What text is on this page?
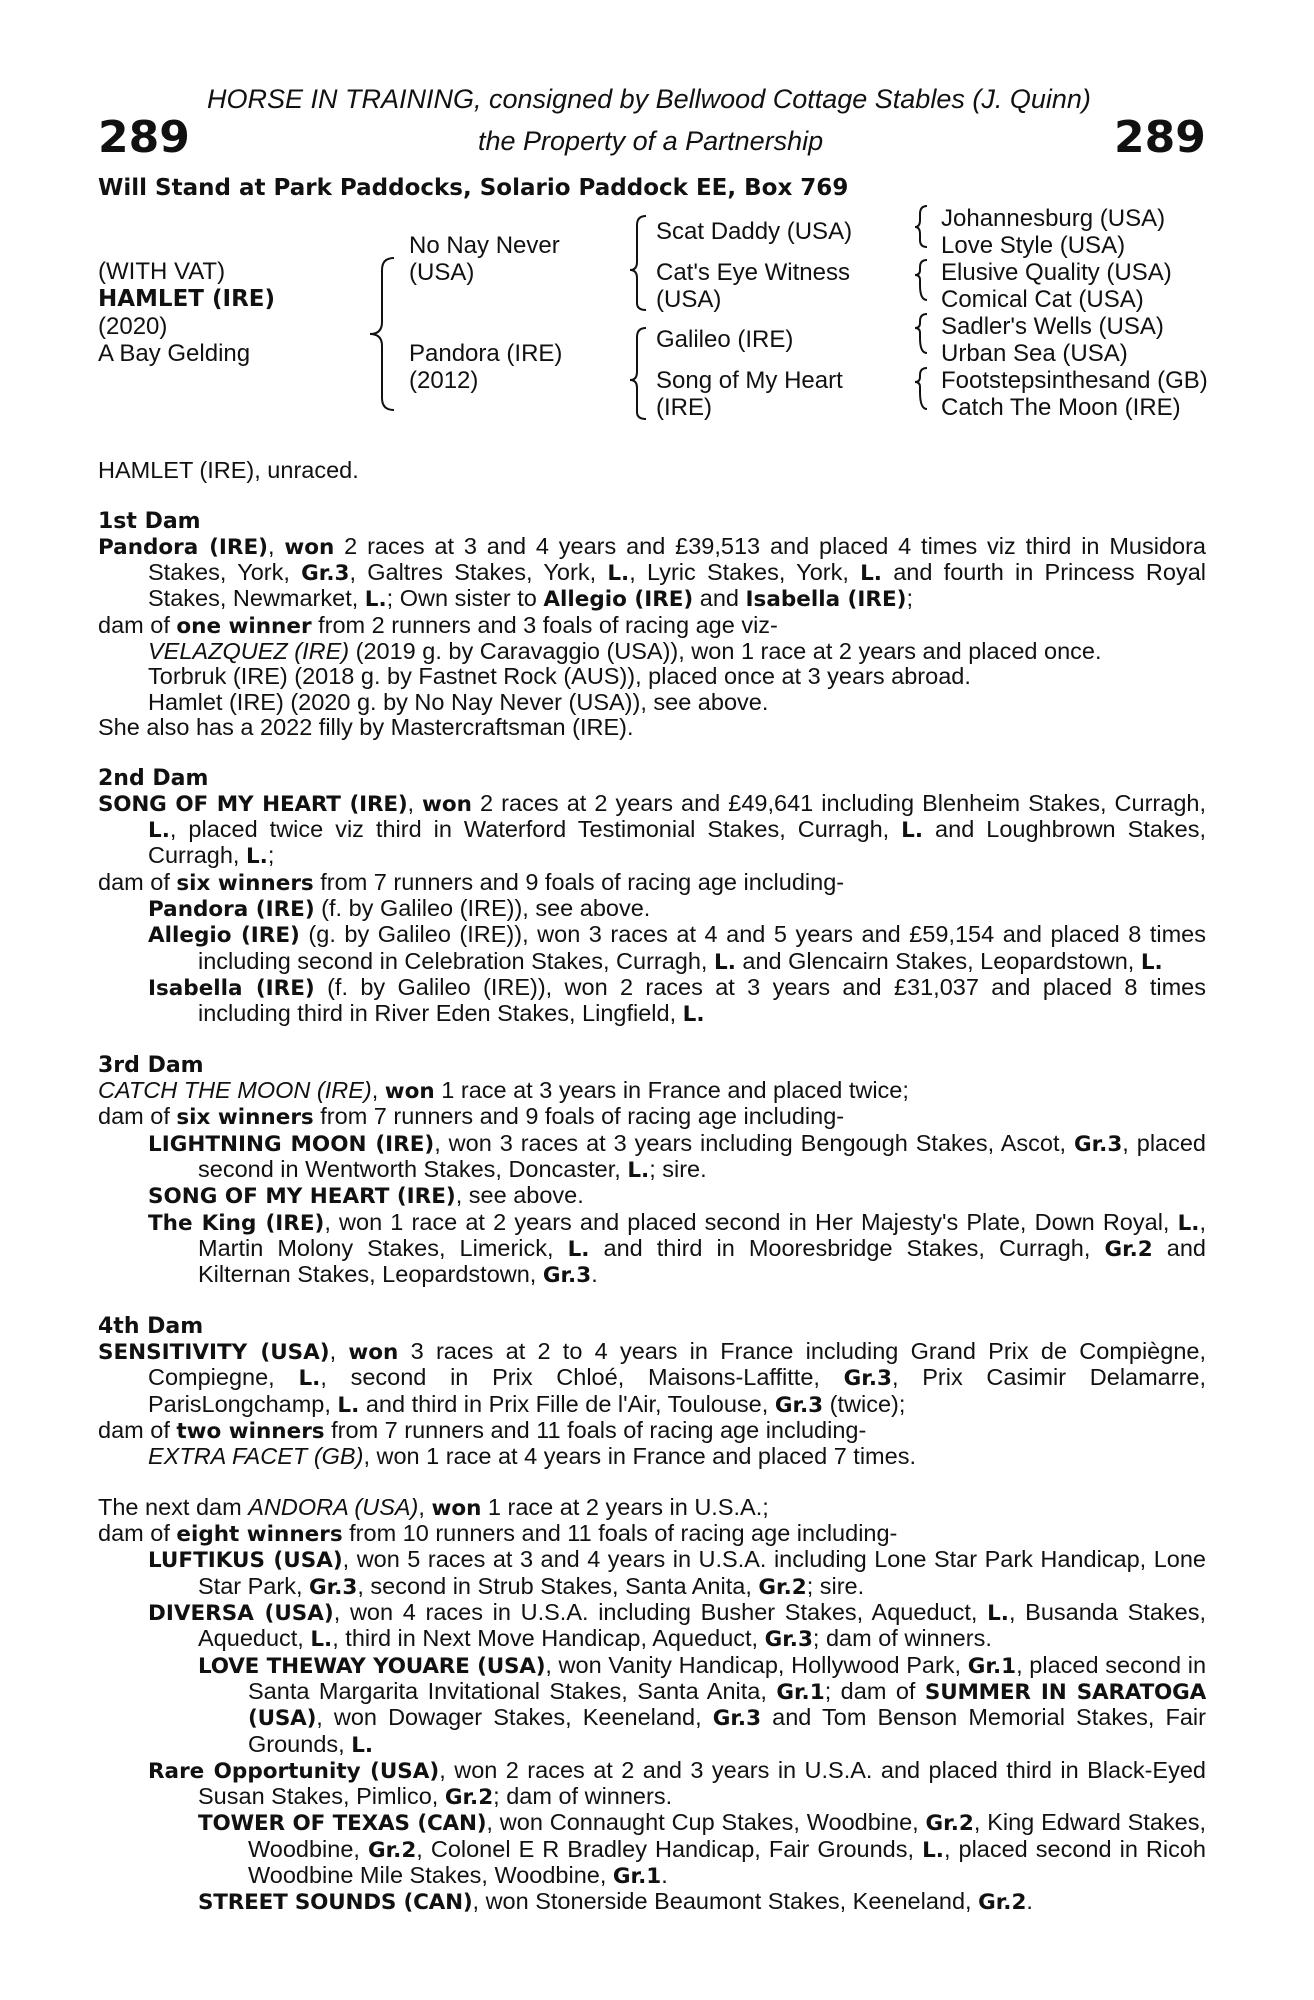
HORSE IN TRAINING, consigned by Bellwood Cottage Stables (J. Quinn)
289	the Property of a Partnership	289
Will Stand at Park Paddocks, Solario Paddock EE, Box 769
(WITH VAT)
HAMLET (IRE)
(2020)
A Bay Gelding
No Nay Never
(USA)
Pandora (IRE)
(2012)
Scat Daddy (USA)
Cat's Eye Witness
(USA)
Galileo (IRE)
Song of My Heart
(IRE)
Johannesburg (USA)
Love Style (USA)
Elusive Quality (USA)
Comical Cat (USA)
Sadler's Wells (USA)
Urban Sea (USA)
Footstepsinthesand (GB)
Catch The Moon (IRE)

HAMLET (IRE), unraced.

1st Dam

Pandora (IRE), won 2 races at 3 and 4 years and £39,513 and placed 4 times viz third in Musidora Stakes, York, Gr.3, Galtres Stakes, York, L., Lyric Stakes, York, L. and fourth in Princess Royal Stakes, Newmarket, L.; Own sister to Allegio (IRE) and Isabella (IRE);

dam of one winner from 2 runners and 3 foals of racing age viz-

VELAZQUEZ (IRE) (2019 g. by Caravaggio (USA)), won 1 race at 2 years and placed once.

Torbruk (IRE) (2018 g. by Fastnet Rock (AUS)), placed once at 3 years abroad.

Hamlet (IRE) (2020 g. by No Nay Never (USA)), see above.

She also has a 2022 filly by Mastercraftsman (IRE).

2nd Dam

SONG OF MY HEART (IRE), won 2 races at 2 years and £49,641 including Blenheim Stakes, Curragh, L., placed twice viz third in Waterford Testimonial Stakes, Curragh, L. and Loughbrown Stakes, Curragh, L.;

dam of six winners from 7 runners and 9 foals of racing age including-

Pandora (IRE) (f. by Galileo (IRE)), see above.

Allegio (IRE) (g. by Galileo (IRE)), won 3 races at 4 and 5 years and £59,154 and placed 8 times including second in Celebration Stakes, Curragh, L. and Glencairn Stakes, Leopardstown, L.

Isabella (IRE) (f. by Galileo (IRE)), won 2 races at 3 years and £31,037 and placed 8 times including third in River Eden Stakes, Lingfield, L.

3rd Dam

CATCH THE MOON (IRE), won 1 race at 3 years in France and placed twice;

dam of six winners from 7 runners and 9 foals of racing age including-

LIGHTNING MOON (IRE), won 3 races at 3 years including Bengough Stakes, Ascot, Gr.3, placed second in Wentworth Stakes, Doncaster, L.; sire.

SONG OF MY HEART (IRE), see above.

The King (IRE), won 1 race at 2 years and placed second in Her Majesty's Plate, Down Royal, L., Martin Molony Stakes, Limerick, L. and third in Mooresbridge Stakes, Curragh, Gr.2 and Kilternan Stakes, Leopardstown, Gr.3.

4th Dam

SENSITIVITY (USA), won 3 races at 2 to 4 years in France including Grand Prix de Compiègne, Compiegne, L., second in Prix Chloé, Maisons-Laffitte, Gr.3, Prix Casimir Delamarre, ParisLongchamp, L. and third in Prix Fille de l'Air, Toulouse, Gr.3 (twice);

dam of two winners from 7 runners and 11 foals of racing age including-

EXTRA FACET (GB), won 1 race at 4 years in France and placed 7 times.

The next dam ANDORA (USA), won 1 race at 2 years in U.S.A.;

dam of eight winners from 10 runners and 11 foals of racing age including-

LUFTIKUS (USA), won 5 races at 3 and 4 years in U.S.A. including Lone Star Park Handicap, Lone Star Park, Gr.3, second in Strub Stakes, Santa Anita, Gr.2; sire.

DIVERSA (USA), won 4 races in U.S.A. including Busher Stakes, Aqueduct, L., Busanda Stakes, Aqueduct, L., third in Next Move Handicap, Aqueduct, Gr.3; dam of winners.

LOVE THEWAY YOUARE (USA), won Vanity Handicap, Hollywood Park, Gr.1, placed second in Santa Margarita Invitational Stakes, Santa Anita, Gr.1; dam of SUMMER IN SARATOGA (USA), won Dowager Stakes, Keeneland, Gr.3 and Tom Benson Memorial Stakes, Fair Grounds, L.

Rare Opportunity (USA), won 2 races at 2 and 3 years in U.S.A. and placed third in Black-Eyed Susan Stakes, Pimlico, Gr.2; dam of winners.

TOWER OF TEXAS (CAN), won Connaught Cup Stakes, Woodbine, Gr.2, King Edward Stakes, Woodbine, Gr.2, Colonel E R Bradley Handicap, Fair Grounds, L., placed second in Ricoh Woodbine Mile Stakes, Woodbine, Gr.1.

STREET SOUNDS (CAN), won Stonerside Beaumont Stakes, Keeneland, Gr.2.
